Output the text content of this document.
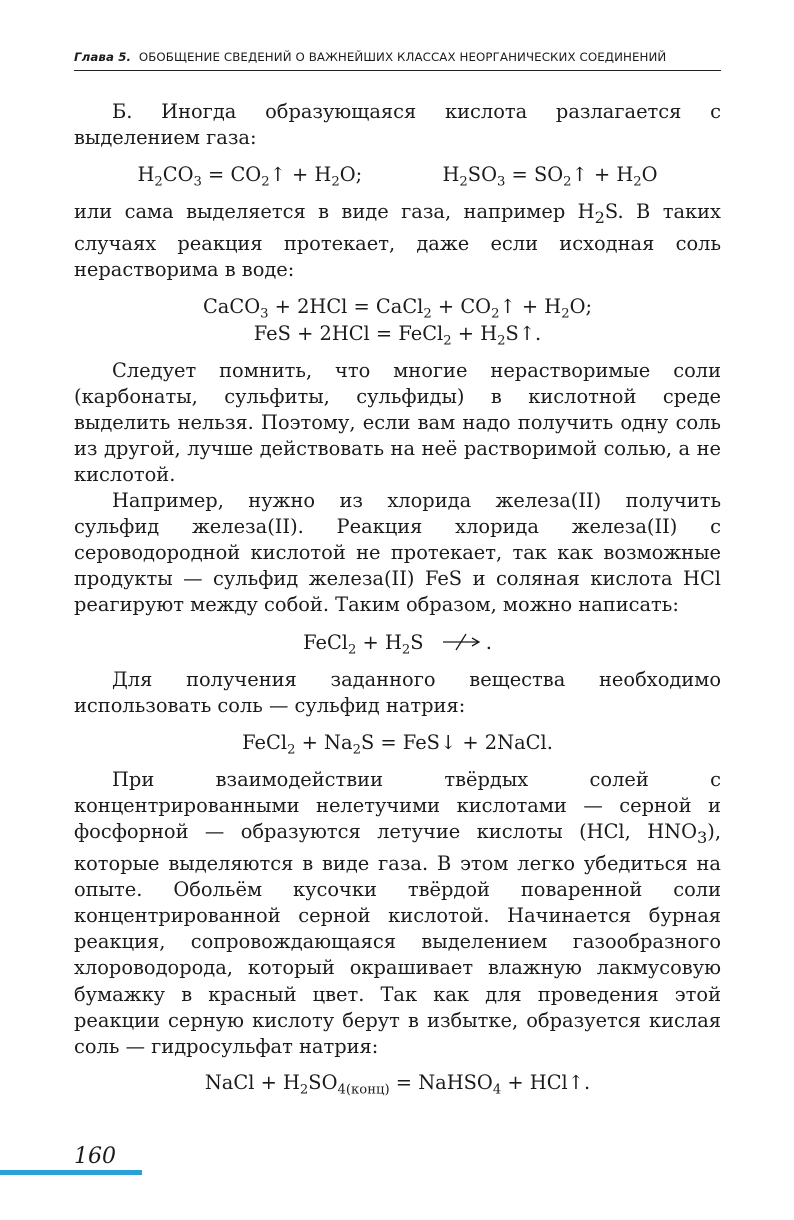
Глава 5. ОБОБЩЕНИЕ СВЕДЕНИЙ О ВАЖНЕЙШИХ КЛАССАХ НЕОРГАНИЧЕСКИХ СОЕДИНЕНИЙ

Б. Иногда образующаяся кислота разлагается с выделением газа:

$H_2CO_3$ = $CO_2↑ + H_2O$;	$H_2SO_3$ = $SO_2↑ + H_2O$

или сама выделяется в виде газа, например $H_2S$. В таких случаях реакция протекает, даже если исходная соль нерастворима в воде:

CaCO$_3$ + 2HCl = CaCl$_2$ + $CO_2↑ + H_2O$;
FeS + 2HCl = FeCl$_2$ + $H_2S↑$.

Следует помнить, что многие нерастворимые соли (карбонаты, сульфиты, сульфиды) в кислотной среде выделить нельзя. Поэтому, если вам надо получить одну соль из другой, лучше действовать на неё растворимой солью, а не кислотой.

Например, нужно из хлорида железа(II) получить сульфид железа(II). Реакция хлорида железа(II) с сероводородной кислотой не протекает, так как возможные продукты — сульфид железа(II) FeS и соляная кислота HCl реагируют между собой. Таким образом, можно написать:

FeCl$_2$ + $H_2S$	.

Для получения заданного вещества необходимо использовать соль — сульфид натрия:

FeCl$_2$ + $Na_2S$ = FeS↓ + 2NaCl.

При взаимодействии твёрдых солей с концентрированными нелетучими кислотами — серной и фосфорной — образуются летучие кислоты (HCl, $HNO_3$), которые выделяются в виде газа. В этом легко убедиться на опыте. Обольём кусочки твёрдой поваренной соли концентрированной серной кислотой. Начинается бурная реакция, сопровождающаяся выделением газообразного хлороводорода, который окрашивает влажную лакмусовую бумажку в красный цвет. Так как для проведения этой реакции серную кислоту берут в избытке, образуется кислая соль — гидросульфат натрия:

NaCl + $H_2SO_{4(конц)}$ = NaHSO$_4$ + HCl↑.
160
